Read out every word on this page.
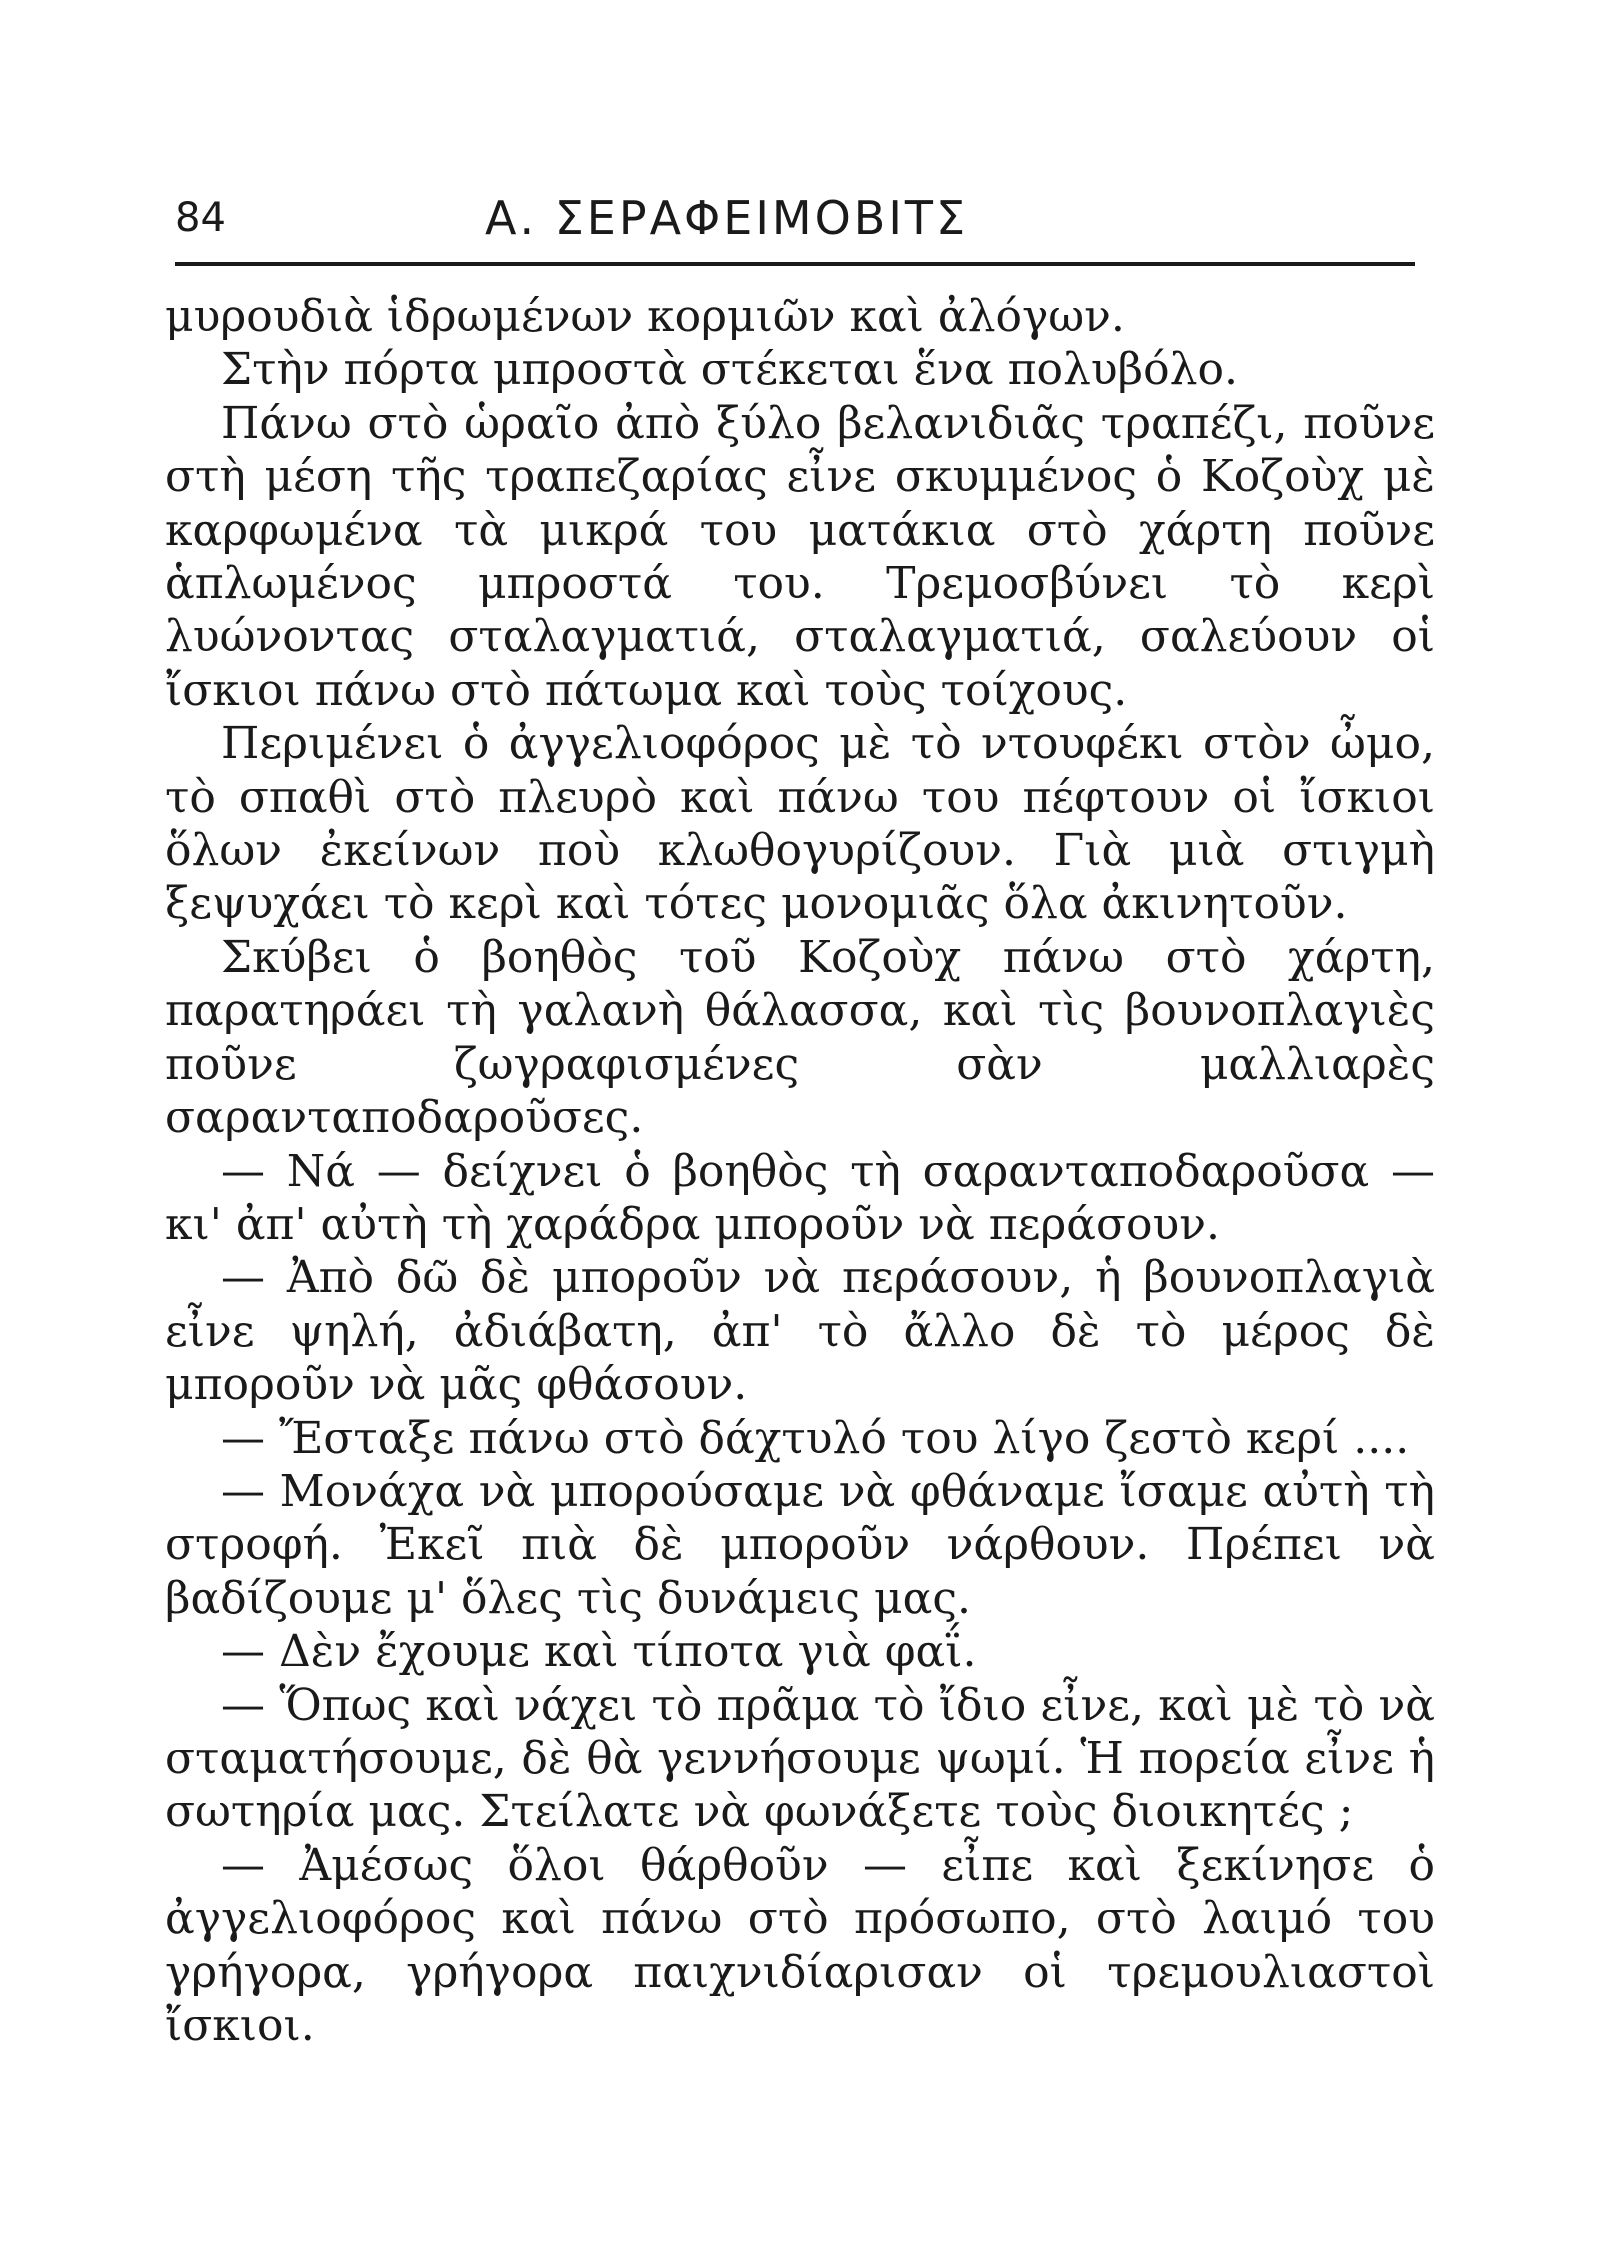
84	Α. ΣΕΡΑΦΕΙΜΟΒΙΤΣ

μυρουδιὰ ἱδρωμένων κορμιῶν καὶ ἀλόγων.

Στὴν πόρτα μπροστὰ στέκεται ἕνα πολυβόλο.

Πάνω στὸ ὡραῖο ἀπὸ ξύλο βελανιδιᾶς τραπέζι, ποῦνε στὴ μέση τῆς τραπεζαρίας εἶνε σκυμμένος ὁ Κοζοὺχ μὲ καρφωμένα τὰ μικρά του ματάκια στὸ χάρτη ποῦνε ἁπλωμένος μπροστά του. Τρεμοσβύνει τὸ κερὶ λυώνοντας σταλαγματιά, σταλαγματιά, σαλεύουν οἱ ἴσκιοι πάνω στὸ πάτωμα καὶ τοὺς τοίχους.

Περιμένει ὁ ἀγγελιοφόρος μὲ τὸ ντουφέκι στὸν ὦμο, τὸ σπαθὶ στὸ πλευρὸ καὶ πάνω του πέφτουν οἱ ἴσκιοι ὅλων ἐκείνων ποὺ κλωθογυρίζουν. Γιὰ μιὰ στιγμὴ ξεψυχάει τὸ κερὶ καὶ τότες μονομιᾶς ὅλα ἀκινητοῦν.

Σκύβει ὁ βοηθὸς τοῦ Κοζοὺχ πάνω στὸ χάρτη, παρατηράει τὴ γαλανὴ θάλασσα, καὶ τὶς βουνοπλαγιὲς ποῦνε ζωγραφισμένες σὰν μαλλιαρὲς σαρανταποδαροῦσες.

— Νά — δείχνει ὁ βοηθὸς τὴ σαρανταποδαροῦσα — κι' ἀπ' αὐτὴ τὴ χαράδρα μποροῦν νὰ περάσουν.

— Ἀπὸ δῶ δὲ μποροῦν νὰ περάσουν, ἡ βουνοπλαγιὰ εἶνε ψηλή, ἀδιάβατη, ἀπ' τὸ ἄλλο δὲ τὸ μέρος δὲ μποροῦν νὰ μᾶς φθάσουν.

— Ἔσταξε πάνω στὸ δάχτυλό του λίγο ζεστὸ κερί ....

— Μονάχα νὰ μπορούσαμε νὰ φθάναμε ἴσαμε αὐτὴ τὴ στροφή. Ἐκεῖ πιὰ δὲ μποροῦν νάρθουν. Πρέπει νὰ βαδίζουμε μ' ὅλες τὶς δυνάμεις μας.

— Δὲν ἔχουμε καὶ τίποτα γιὰ φαΐ.

— Ὅπως καὶ νάχει τὸ πρᾶμα τὸ ἴδιο εἶνε, καὶ μὲ τὸ νὰ σταματήσουμε, δὲ θὰ γεννήσουμε ψωμί. Ἡ πορεία εἶνε ἡ σωτηρία μας. Στείλατε νὰ φωνάξετε τοὺς διοικητές ;

— Ἀμέσως ὅλοι θάρθοῦν — εἶπε καὶ ξεκίνησε ὁ ἀγγελιοφόρος καὶ πάνω στὸ πρόσωπο, στὸ λαιμό του γρήγορα, γρήγορα παιχνιδίαρισαν οἱ τρεμουλιαστοὶ ἴσκιοι.
